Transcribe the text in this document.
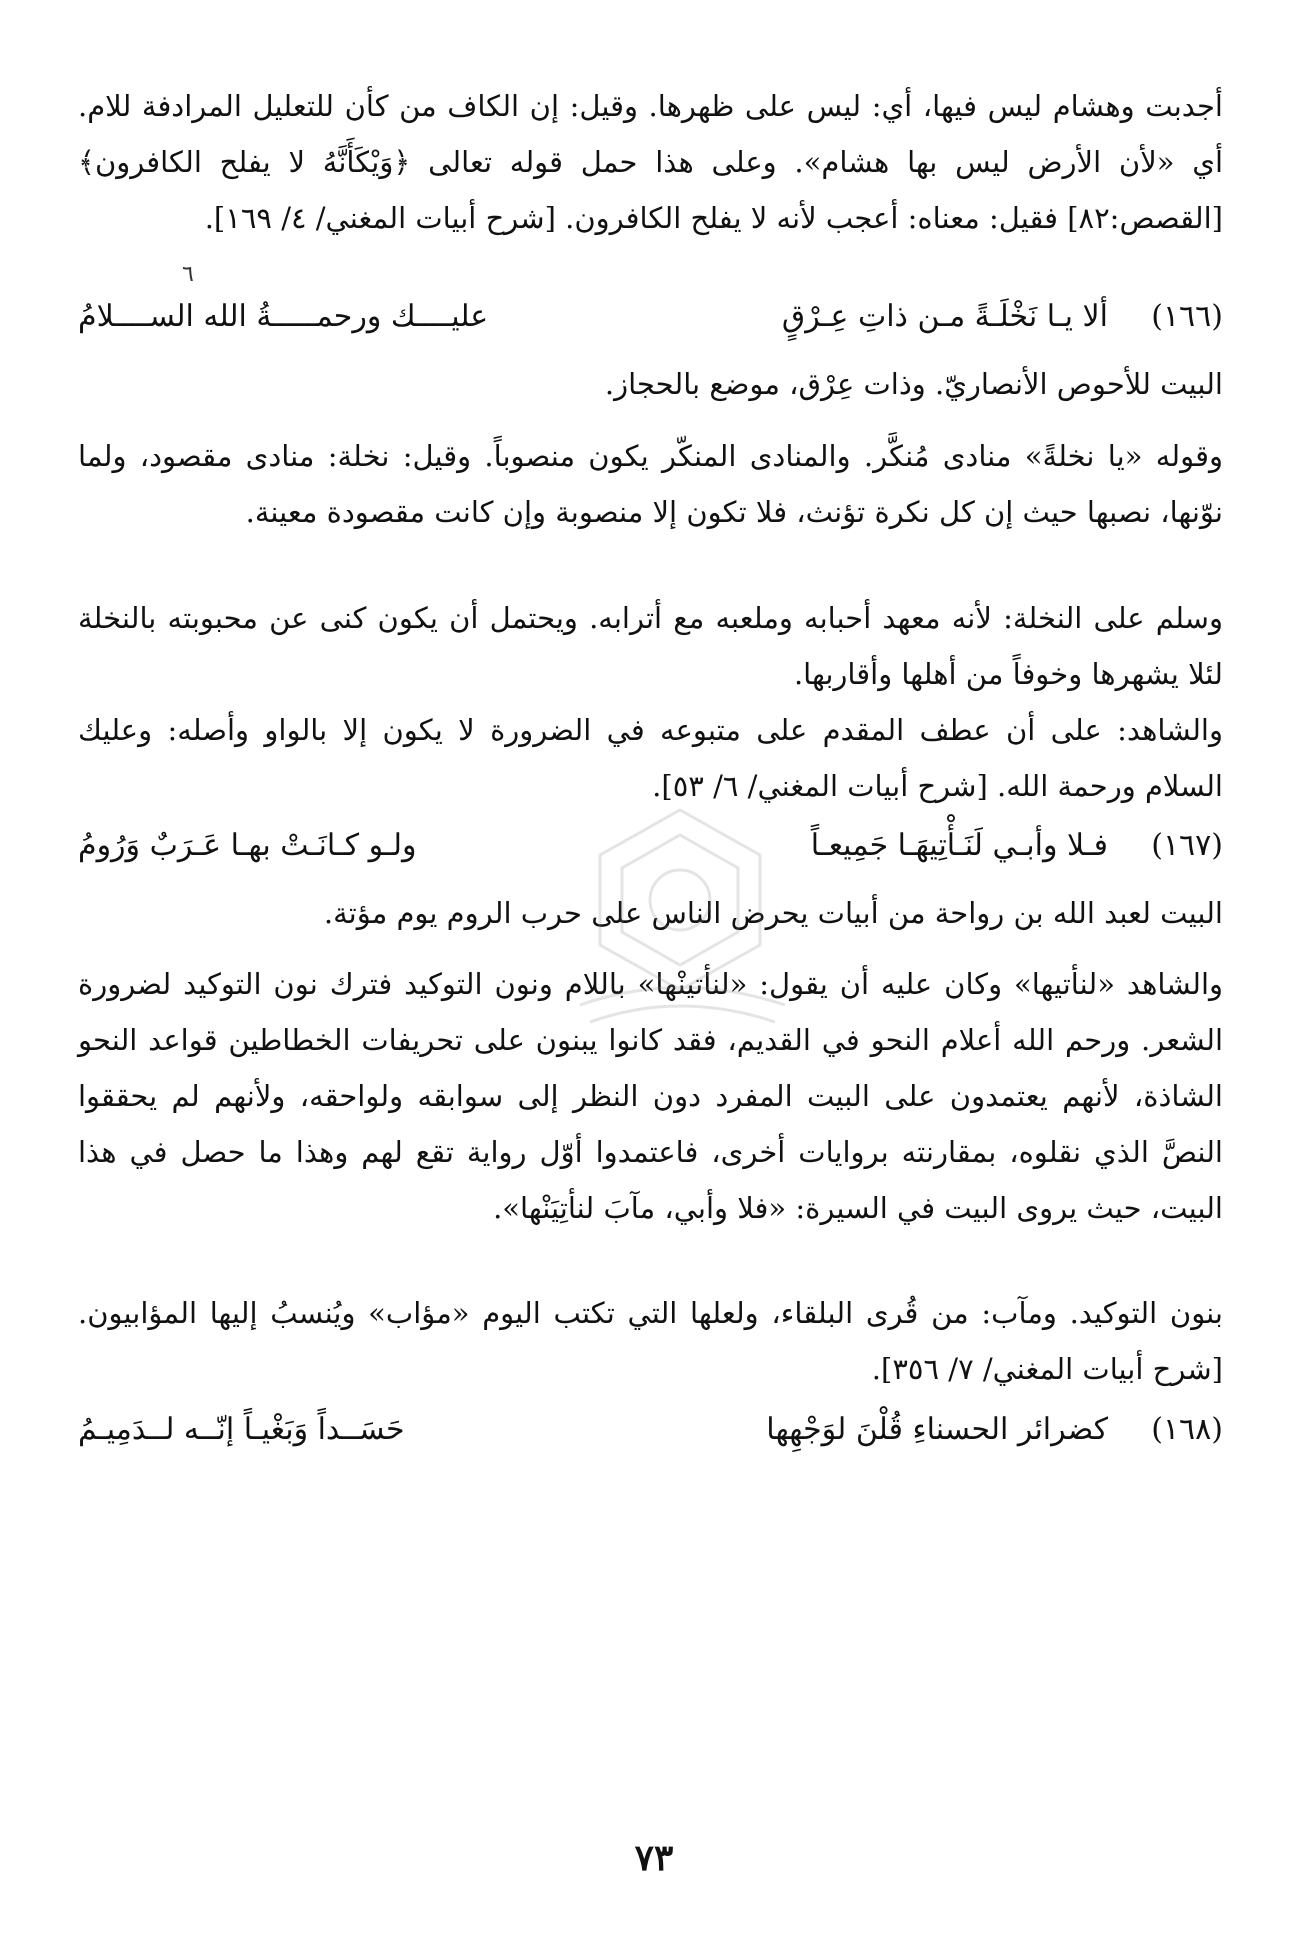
أجدبت وهشام ليس فيها، أي: ليس على ظهرها. وقيل: إن الكاف من كأن للتعليل المرادفة للام. أي «لأن الأرض ليس بها هشام». وعلى هذا حمل قوله تعالى ﴿وَيْكَأَنَّهُ لا يفلح الكافرون﴾ [القصص:٨٢] فقيل: معناه: أعجب لأنه لا يفلح الكافرون. [شرح أبيات المغني/ ٤/ ١٦٩].

٦
(١٦٦)
ألا يـا نَخْلَـةً مـن ذاتِ عِـرْقٍ
عليــــك ورحمـــــةُ الله الســــلامُ

البيت للأحوص الأنصاريّ. وذات عِرْق، موضع بالحجاز.

وقوله «يا نخلةً» منادى مُنكَّر. والمنادى المنكّر يكون منصوباً. وقيل: نخلة: منادى مقصود، ولما نوّنها، نصبها حيث إن كل نكرة تؤنث، فلا تكون إلا منصوبة وإن كانت مقصودة معينة.

وسلم على النخلة: لأنه معهد أحبابه وملعبه مع أترابه. ويحتمل أن يكون كنى عن محبوبته بالنخلة لئلا يشهرها وخوفاً من أهلها وأقاربها.

والشاهد: على أن عطف المقدم على متبوعه في الضرورة لا يكون إلا بالواو وأصله: وعليك السلام ورحمة الله. [شرح أبيات المغني/ ٦/ ٥٣].

(١٦٧)
فـلا وأبـي لَنَـأْتِيهَـا جَمِيعـاً
ولـو كـانَـتْ بهـا عَـرَبٌ وَرُومُ

البيت لعبد الله بن رواحة من أبيات يحرض الناس على حرب الروم يوم مؤتة.

والشاهد «لنأتيها» وكان عليه أن يقول: «لنأتينْها» باللام ونون التوكيد فترك نون التوكيد لضرورة الشعر. ورحم الله أعلام النحو في القديم، فقد كانوا يبنون على تحريفات الخطاطين قواعد النحو الشاذة، لأنهم يعتمدون على البيت المفرد دون النظر إلى سوابقه ولواحقه، ولأنهم لم يحققوا النصَّ الذي نقلوه، بمقارنته بروايات أخرى، فاعتمدوا أوّل رواية تقع لهم وهذا ما حصل في هذا البيت، حيث يروى البيت في السيرة: «فلا وأبي، مآبَ لنأتِيَنْها».

بنون التوكيد. ومآب: من قُرى البلقاء، ولعلها التي تكتب اليوم «مؤاب» ويُنسبُ إليها المؤابيون. [شرح أبيات المغني/ ٧/ ٣٥٦].

(١٦٨)
كضرائر الحسناءِ قُلْنَ لوَجْهِها
حَسَــداً وَبَغْيـاً إنّــه لــدَمِيـمُ
٧٣
